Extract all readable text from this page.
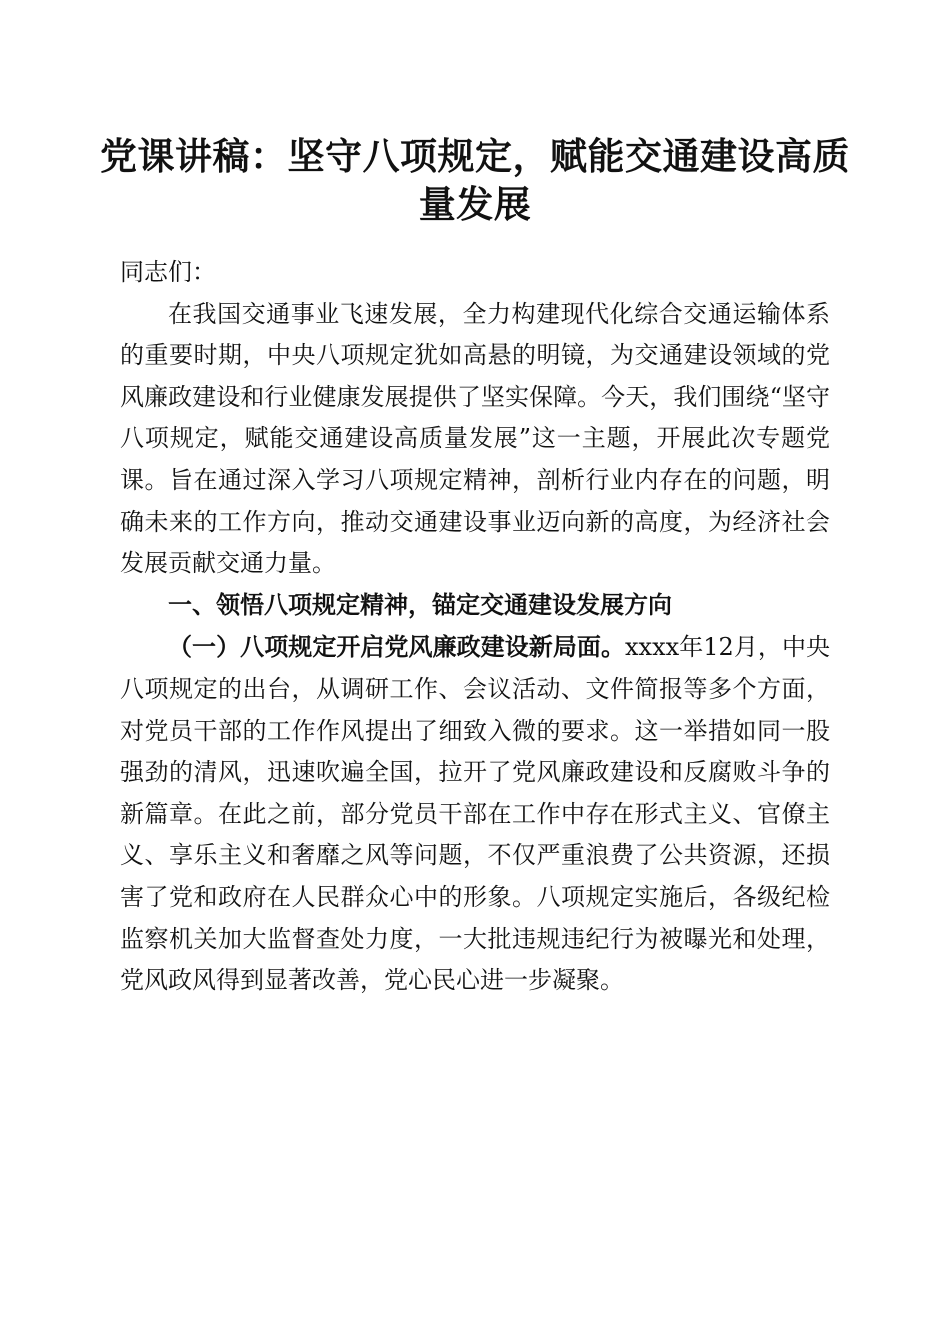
党课讲稿：坚守八项规定，赋能交通建设高质量发展

同志们：

在我国交通事业飞速发展，全力构建现代化综合交通运输体系的重要时期，中央八项规定犹如高悬的明镜，为交通建设领域的党风廉政建设和行业健康发展提供了坚实保障。今天，我们围绕“坚守八项规定，赋能交通建设高质量发展”这一主题，开展此次专题党课。旨在通过深入学习八项规定精神，剖析行业内存在的问题，明确未来的工作方向，推动交通建设事业迈向新的高度，为经济社会发展贡献交通力量。

一、领悟八项规定精神，锚定交通建设发展方向

（一）八项规定开启党风廉政建设新局面。xxxx年12月，中央八项规定的出台，从调研工作、会议活动、文件简报等多个方面，对党员干部的工作作风提出了细致入微的要求。这一举措如同一股强劲的清风，迅速吹遍全国，拉开了党风廉政建设和反腐败斗争的新篇章。在此之前，部分党员干部在工作中存在形式主义、官僚主义、享乐主义和奢靡之风等问题，不仅严重浪费了公共资源，还损害了党和政府在人民群众心中的形象。八项规定实施后，各级纪检监察机关加大监督查处力度，一大批违规违纪行为被曝光和处理，党风政风得到显著改善，党心民心进一步凝聚。
